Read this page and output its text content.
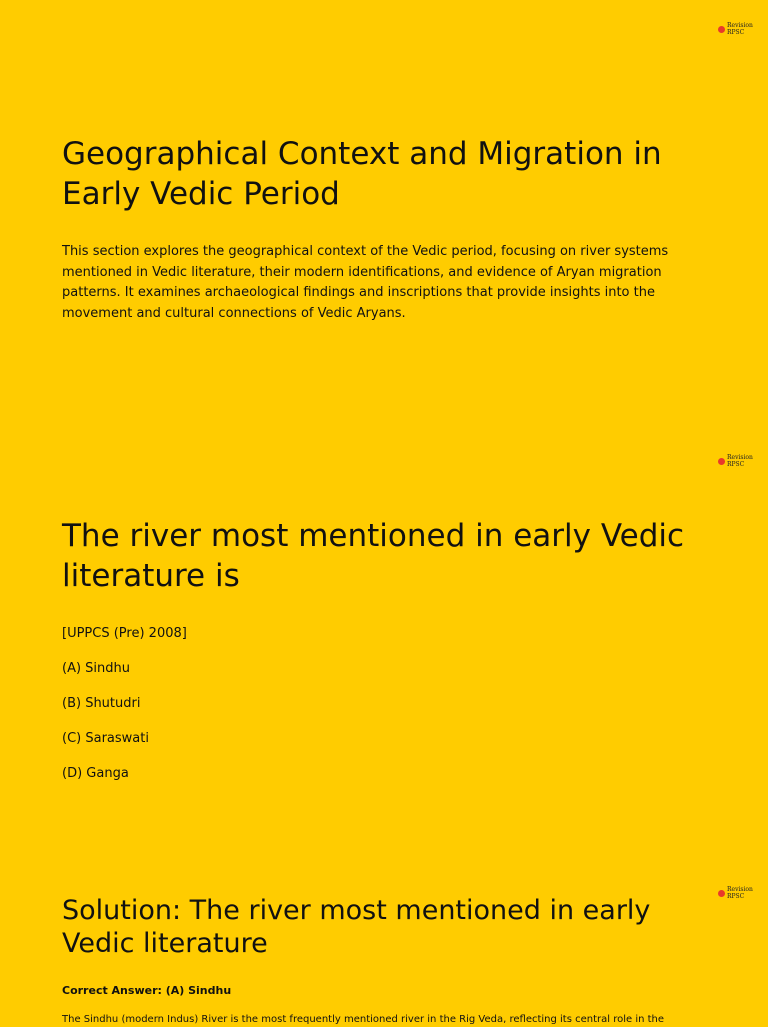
Revision
RPSC
Geographical Context and Migration in Early Vedic Period

This section explores the geographical context of the Vedic period, focusing on river systems mentioned in Vedic literature, their modern identifications, and evidence of Aryan migration patterns. It examines archaeological findings and inscriptions that provide insights into the movement and cultural connections of Vedic Aryans.

Revision
RPSC
The river most mentioned in early Vedic literature is

[UPPCS (Pre) 2008]

(A) Sindhu

(B) Shutudri

(C) Saraswati

(D) Ganga

Revision
RPSC
Solution: The river most mentioned in early Vedic literature

Correct Answer: (A) Sindhu

The Sindhu (modern Indus) River is the most frequently mentioned river in the Rig Veda, reflecting its central role in the
